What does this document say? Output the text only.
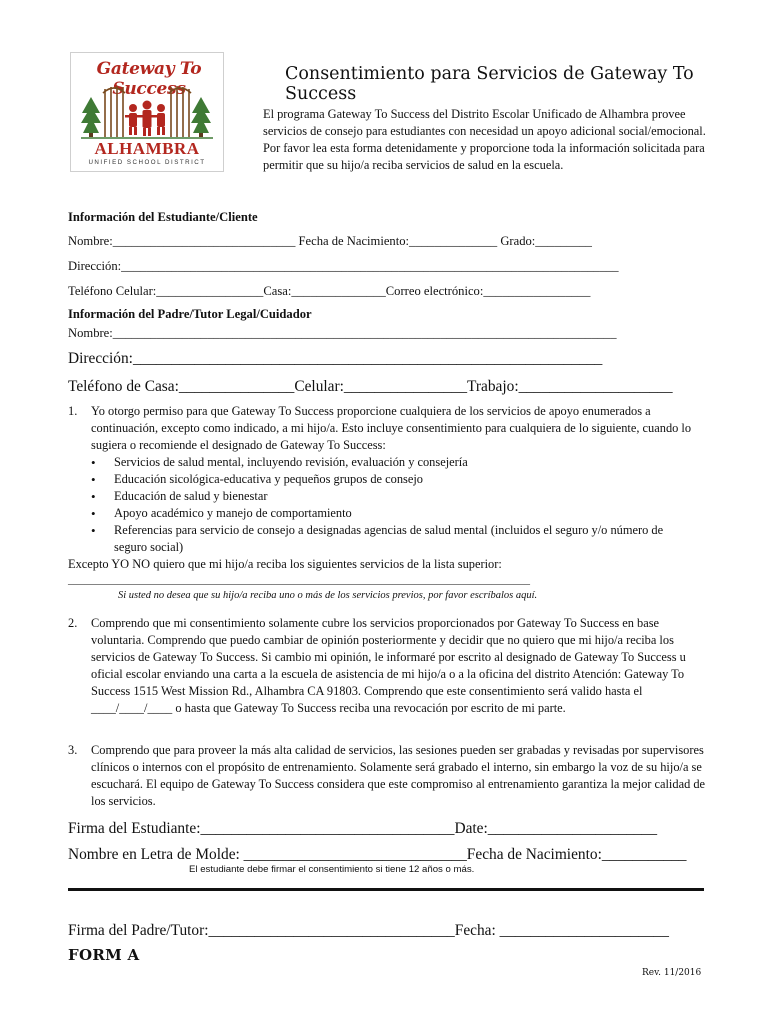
Gateway To Success
ALHAMBRA
UNIFIED SCHOOL DISTRICT
Consentimiento para Servicios de Gateway To Success
El programa Gateway To Success del Distrito Escolar Unificado de Alhambra provee servicios de consejo para estudiantes con necesidad un apoyo adicional social/emocional. Por favor lea esta forma detenidamente y proporcione toda la información solicitada para permitir que su hijo/a reciba servicios de salud en la escuela.
Información del Estudiante/Cliente
Nombre:_____________________________ Fecha de Nacimiento:______________ Grado:_________
Dirección:_______________________________________________________________________________
Teléfono Celular:_________________Casa:_______________Correo electrónico:_________________
Información del Padre/Tutor Legal/Cuidador
Nombre:________________________________________________________________________________
Dirección:_____________________________________________________________
Teléfono de Casa:_______________Celular:________________Trabajo:____________________
1. Yo otorgo permiso para que Gateway To Success proporcione cualquiera de los servicios de apoyo enumerados a continuación, excepto como indicado, a mi hijo/a. Esto incluye consentimiento para cualquiera de lo siguiente, cuando lo sugiera o recomiende el designado de Gateway To Success:
• Servicios de salud mental, incluyendo revisión, evaluación y consejería
• Educación sicológica-educativa y pequeños grupos de consejo
• Educación de salud y bienestar
• Apoyo académico y manejo de comportamiento
• Referencias para servicio de consejo a designadas agencias de salud mental (incluidos el seguro y/o número de seguro social)
Excepto YO NO quiero que mi hijo/a reciba los siguientes servicios de la lista superior:
____________________________________________________________________________________
Si usted no desea que su hijo/a reciba uno o más de los servicios previos, por favor escríbalos aquí.
2. Comprendo que mi consentimiento solamente cubre los servicios proporcionados por Gateway To Success en base voluntaria. Comprendo que puedo cambiar de opinión posteriormente y decidir que no quiero que mi hijo/a reciba los servicios de Gateway To Success. Si cambio mi opinión, le informaré por escrito al designado de Gateway To Success u oficial escolar enviando una carta a la escuela de asistencia de mi hijo/a o a la oficina del distrito Atención: Gateway To Success 1515 West Mission Rd., Alhambra CA 91803. Comprendo que este consentimiento será valido hasta el ____/____/____ o hasta que Gateway To Success reciba una revocación por escrito de mi parte.
3. Comprendo que para proveer la más alta calidad de servicios, las sesiones pueden ser grabadas y revisadas por supervisores clínicos o internos con el propósito de entrenamiento. Solamente será grabado el interno, sin embargo la voz de su hijo/a se escuchará. El equipo de Gateway To Success considera que este compromiso al entrenamiento garantiza la mejor calidad de los servicios.
Firma del Estudiante:_________________________________Date:______________________
Nombre en Letra de Molde: _____________________________Fecha de Nacimiento:___________
El estudiante debe firmar el consentimiento si tiene 12 años o más.
Firma del Padre/Tutor:________________________________Fecha: ______________________
FORM A
Rev. 11/2016
